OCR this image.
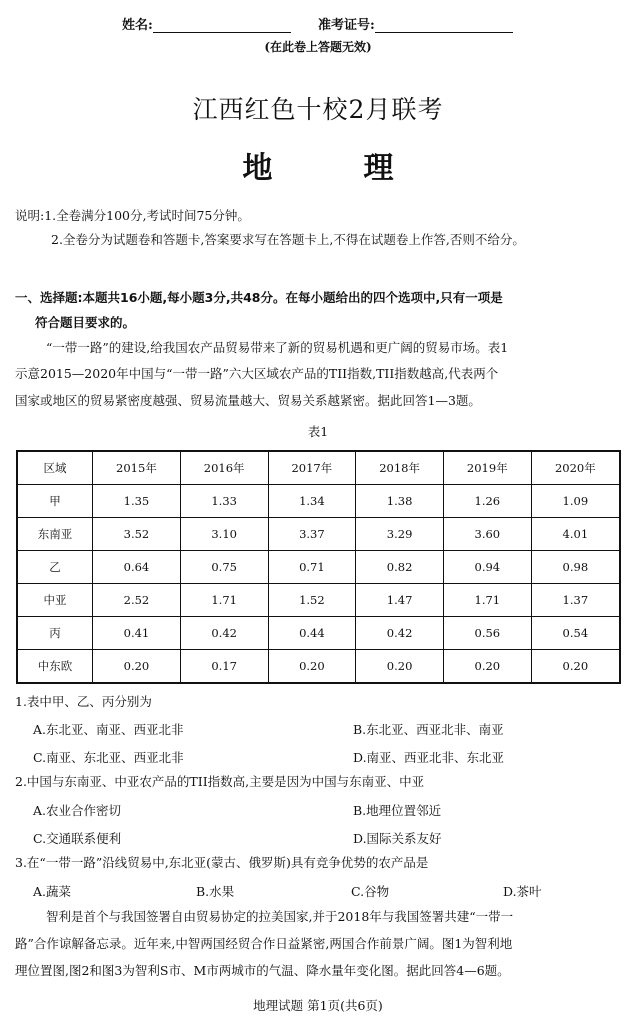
姓名:	准考证号:
(在此卷上答题无效)
江西红色十校2月联考
地	理
说明:1.全卷满分100分,考试时间75分钟。
2.全卷分为试题卷和答题卡,答案要求写在答题卡上,不得在试题卷上作答,否则不给分。
一、选择题:本题共16小题,每小题3分,共48分。在每小题给出的四个选项中,只有一项是
符合题目要求的。
“一带一路”的建设,给我国农产品贸易带来了新的贸易机遇和更广阔的贸易市场。表1
示意2015—2020年中国与“一带一路”六大区域农产品的TII指数,TII指数越高,代表两个
国家或地区的贸易紧密度越强、贸易流量越大、贸易关系越紧密。据此回答1—3题。
表1
区域	2015年	2016年	2017年	2018年	2019年	2020年
甲	1.35	1.33	1.34	1.38	1.26	1.09
东南亚	3.52	3.10	3.37	3.29	3.60	4.01
乙	0.64	0.75	0.71	0.82	0.94	0.98
中亚	2.52	1.71	1.52	1.47	1.71	1.37
丙	0.41	0.42	0.44	0.42	0.56	0.54
中东欧	0.20	0.17	0.20	0.20	0.20	0.20
1.表中甲、乙、丙分别为
A.东北亚、南亚、西亚北非	B.东北亚、西亚北非、南亚
C.南亚、东北亚、西亚北非	D.南亚、西亚北非、东北亚
2.中国与东南亚、中亚农产品的TII指数高,主要是因为中国与东南亚、中亚
A.农业合作密切	B.地理位置邻近
C.交通联系便利	D.国际关系友好
3.在“一带一路”沿线贸易中,东北亚(蒙古、俄罗斯)具有竞争优势的农产品是
A.蔬菜	B.水果	C.谷物	D.茶叶
智利是首个与我国签署自由贸易协定的拉美国家,并于2018年与我国签署共建“一带一
路”合作谅解备忘录。近年来,中智两国经贸合作日益紧密,两国合作前景广阔。图1为智利地
理位置图,图2和图3为智利S市、M市两城市的气温、降水量年变化图。据此回答4—6题。
地理试题 第1页(共6页)
